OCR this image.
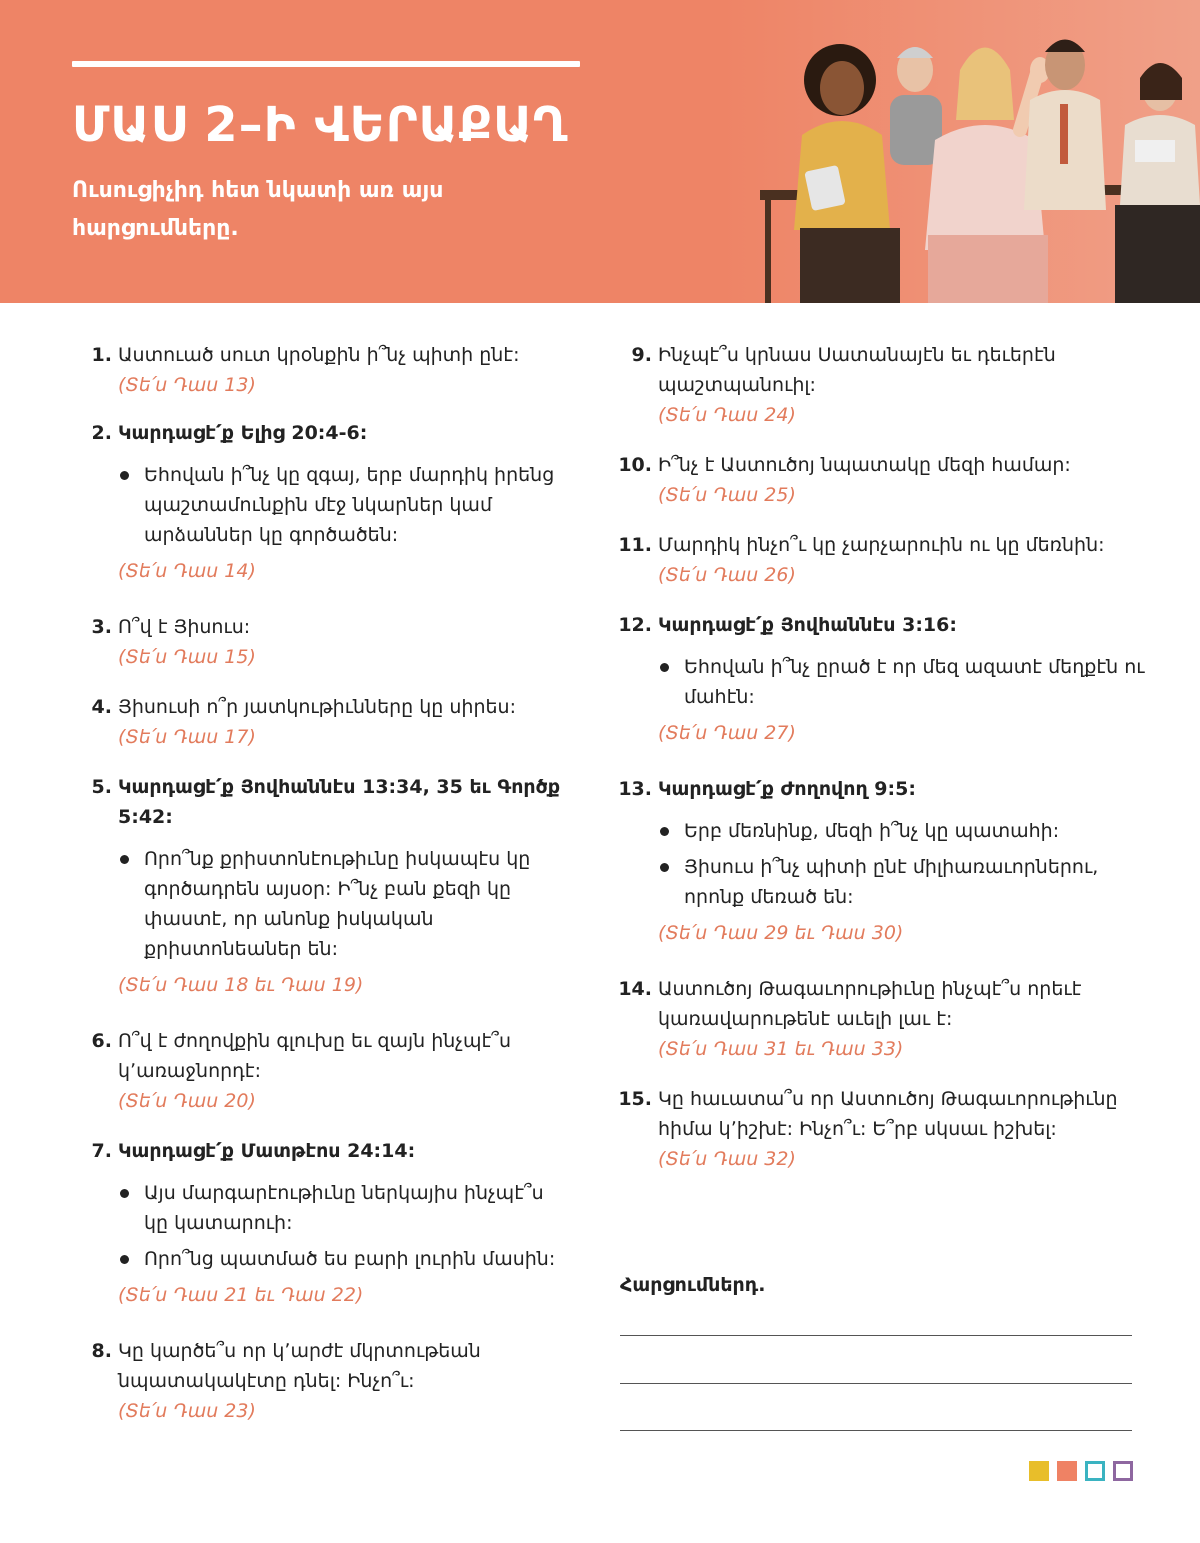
ՄԱՍ 2–Ի ՎԵՐԱՔԱՂ
Ուսուցիչիդ հետ նկատի առ այս հարցումները.
1. Աստուած սուտ կրօնքին ի՞նչ պիտի ընէ:
(Տե՛ս Դաս 13)
2. Կարդացէ՛ք Ելից 20:4-6:
Եհովան ի՞նչ կը զգայ, երբ մարդիկ իրենց պաշտամունքին մէջ նկարներ կամ արձաններ կը գործածեն:
(Տե՛ս Դաս 14)
3. Ո՞վ է Յիսուս:
(Տե՛ս Դաս 15)
4. Յիսուսի ո՞ր յատկութիւնները կը սիրես:
(Տե՛ս Դաս 17)
5. Կարդացէ՛ք Յովհաննէս 13:34, 35 եւ Գործք 5:42:
Որո՞նք քրիստոնէութիւնը իսկապէս կը գործադրեն այսօր: Ի՞նչ բան քեզի կը փաստէ, որ անոնք իսկական քրիստոնեաներ են:
(Տե՛ս Դաս 18 եւ Դաս 19)
6. Ո՞վ է ժողովքին գլուխը եւ զայն ինչպէ՞ս կ՚առաջնորդէ:
(Տե՛ս Դաս 20)
7. Կարդացէ՛ք Մատթէոս 24:14:
Այս մարգարէութիւնը ներկայիս ինչպէ՞ս կը կատարուի:
Որո՞նց պատմած ես բարի լուրին մասին:
(Տե՛ս Դաս 21 եւ Դաս 22)
8. Կը կարծե՞ս որ կ՚արժէ մկրտութեան նպատակակէտը դնել: Ինչո՞ւ:
(Տե՛ս Դաս 23)
9. Ինչպէ՞ս կրնաս Սատանայէն եւ դեւերէն պաշտպանուիլ:
(Տե՛ս Դաս 24)
10. Ի՞նչ է Աստուծոյ նպատակը մեզի համար:
(Տե՛ս Դաս 25)
11. Մարդիկ ինչո՞ւ կը չարչարուին ու կը մեռնին:
(Տե՛ս Դաս 26)
12. Կարդացէ՛ք Յովհաննէս 3:16:
Եհովան ի՞նչ ըրած է որ մեզ ազատէ մեղքէն ու մահէն:
(Տե՛ս Դաս 27)
13. Կարդացէ՛ք Ժողովող 9:5:
Երբ մեռնինք, մեզի ի՞նչ կը պատահի:
Յիսուս ի՞նչ պիտի ընէ միլիառաւորներու, որոնք մեռած են:
(Տե՛ս Դաս 29 եւ Դաս 30)
14. Աստուծոյ Թագաւորութիւնը ինչպէ՞ս որեւէ կառավարութենէ աւելի լաւ է:
(Տե՛ս Դաս 31 եւ Դաս 33)
15. Կը հաւատա՞ս որ Աստուծոյ Թագաւորութիւնը հիմա կ՚իշխէ: Ինչո՞ւ: Ե՞րբ սկսաւ իշխել:
(Տե՛ս Դաս 32)
Հարցումներդ.
